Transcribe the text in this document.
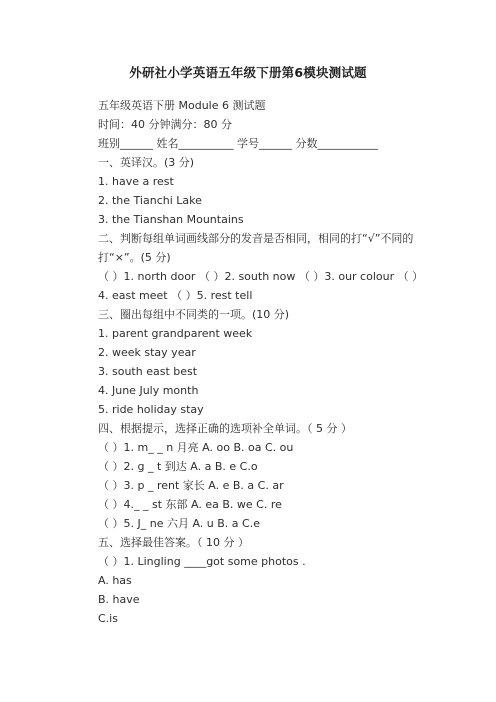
外研社小学英语五年级下册第6模块测试题
五年级英语下册 Module 6 测试题
时间：40 分钟满分：80 分
班别______ 姓名__________ 学号______ 分数___________
一、英译汉。(3 分)
1. have a rest
2. the Tianchi Lake
3. the Tianshan Mountains
二、判断每组单词画线部分的发音是否相同，相同的打“√”不同的打“×”。(5 分)
（ ）1. north door （ ）2. south now （ ）3. our colour （ ）4. east meet （ ）5. rest tell
三、圈出每组中不同类的一项。(10 分)
1. parent grandparent week
2. week stay year
3. south east best
4. June July month
5. ride holiday stay
四、根据提示，选择正确的选项补全单词。（ 5 分 ）
（ ）1. m_ _ n 月亮 A. oo B. oa C. ou
（ ）2. g _ t 到达 A. a B. e C.o
（ ）3. p _ rent 家长 A. e B. a C. ar
（ ）4._ _ st 东部 A. ea B. we C. re
（ ）5. J_ ne 六月 A. u B. a C.e
五、选择最佳答案。（ 10 分 ）
（ ）1. Lingling ____got some photos .
A. has
B. have
C.is
